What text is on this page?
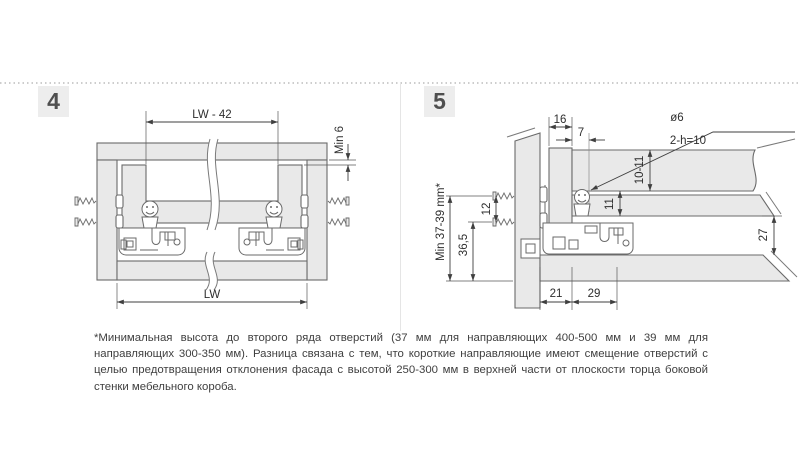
4	5
LW - 42
Min 6
LW
ø6
2-h=10
16
7
10-11
11
27
Min 37-39 mm* 36,5
12
21 29

*Минимальная высота до второго ряда отверстий (37 мм для направляющих 400-500 мм и 39 мм для направляющих 300-350 мм). Разница связана с тем, что короткие направляющие имеют смещение отверстий с целью предотвращения отклонения фасада с высотой 250-300 мм в верхней части от плоскости торца боковой стенки мебельного короба.
